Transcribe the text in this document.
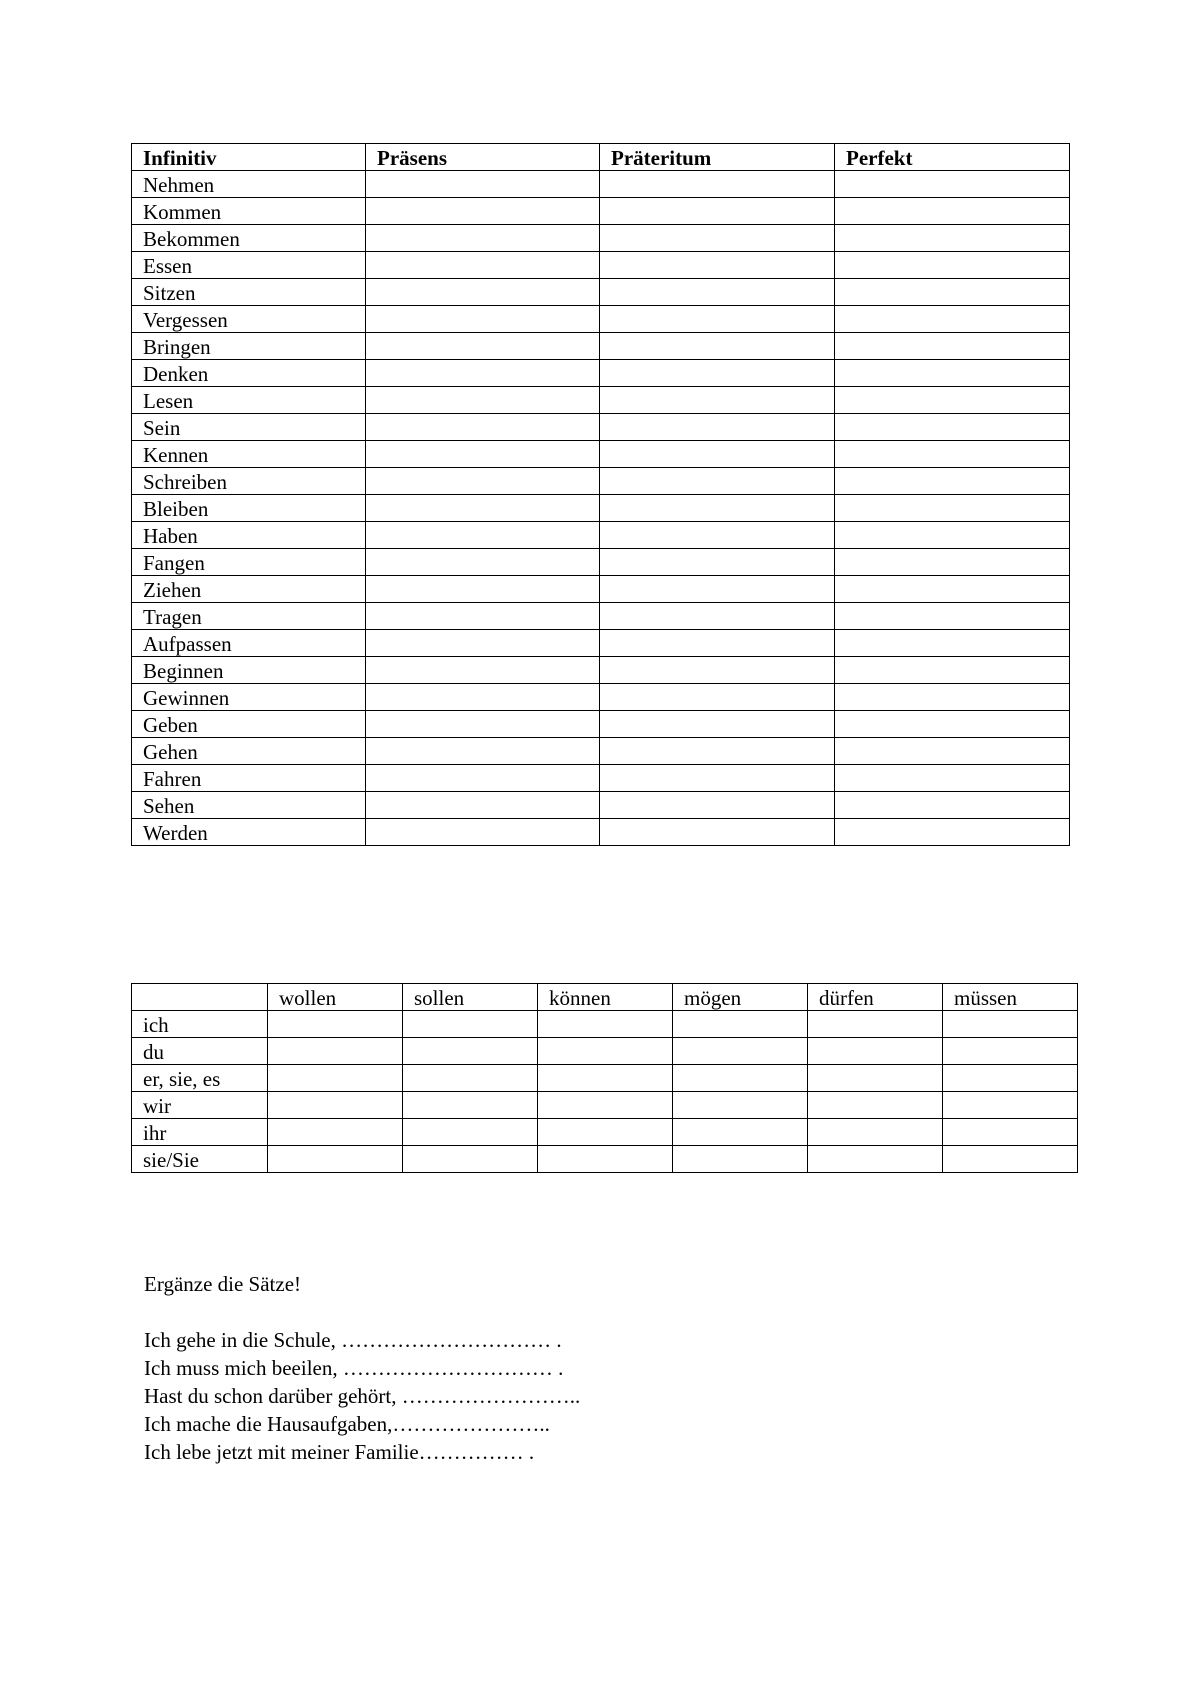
Infinitiv	Präsens	Präteritum	Perfekt
Nehmen			
Kommen			
Bekommen			
Essen			
Sitzen			
Vergessen			
Bringen			
Denken			
Lesen			
Sein			
Kennen			
Schreiben			
Bleiben			
Haben			
Fangen			
Ziehen			
Tragen			
Aufpassen			
Beginnen			
Gewinnen			
Geben			
Gehen			
Fahren			
Sehen			
Werden			
	wollen	sollen	können	mögen	dürfen	müssen
ich						
du						
er, sie, es						
wir						
ihr						
sie/Sie						
Ergänze die Sätze!
Ich gehe in die Schule, ………………………… .
Ich muss mich beeilen, ………………………… .
Hast du schon darüber gehört, ……………………..
Ich mache die Hausaufgaben,…………………..
Ich lebe jetzt mit meiner Familie…………… .
